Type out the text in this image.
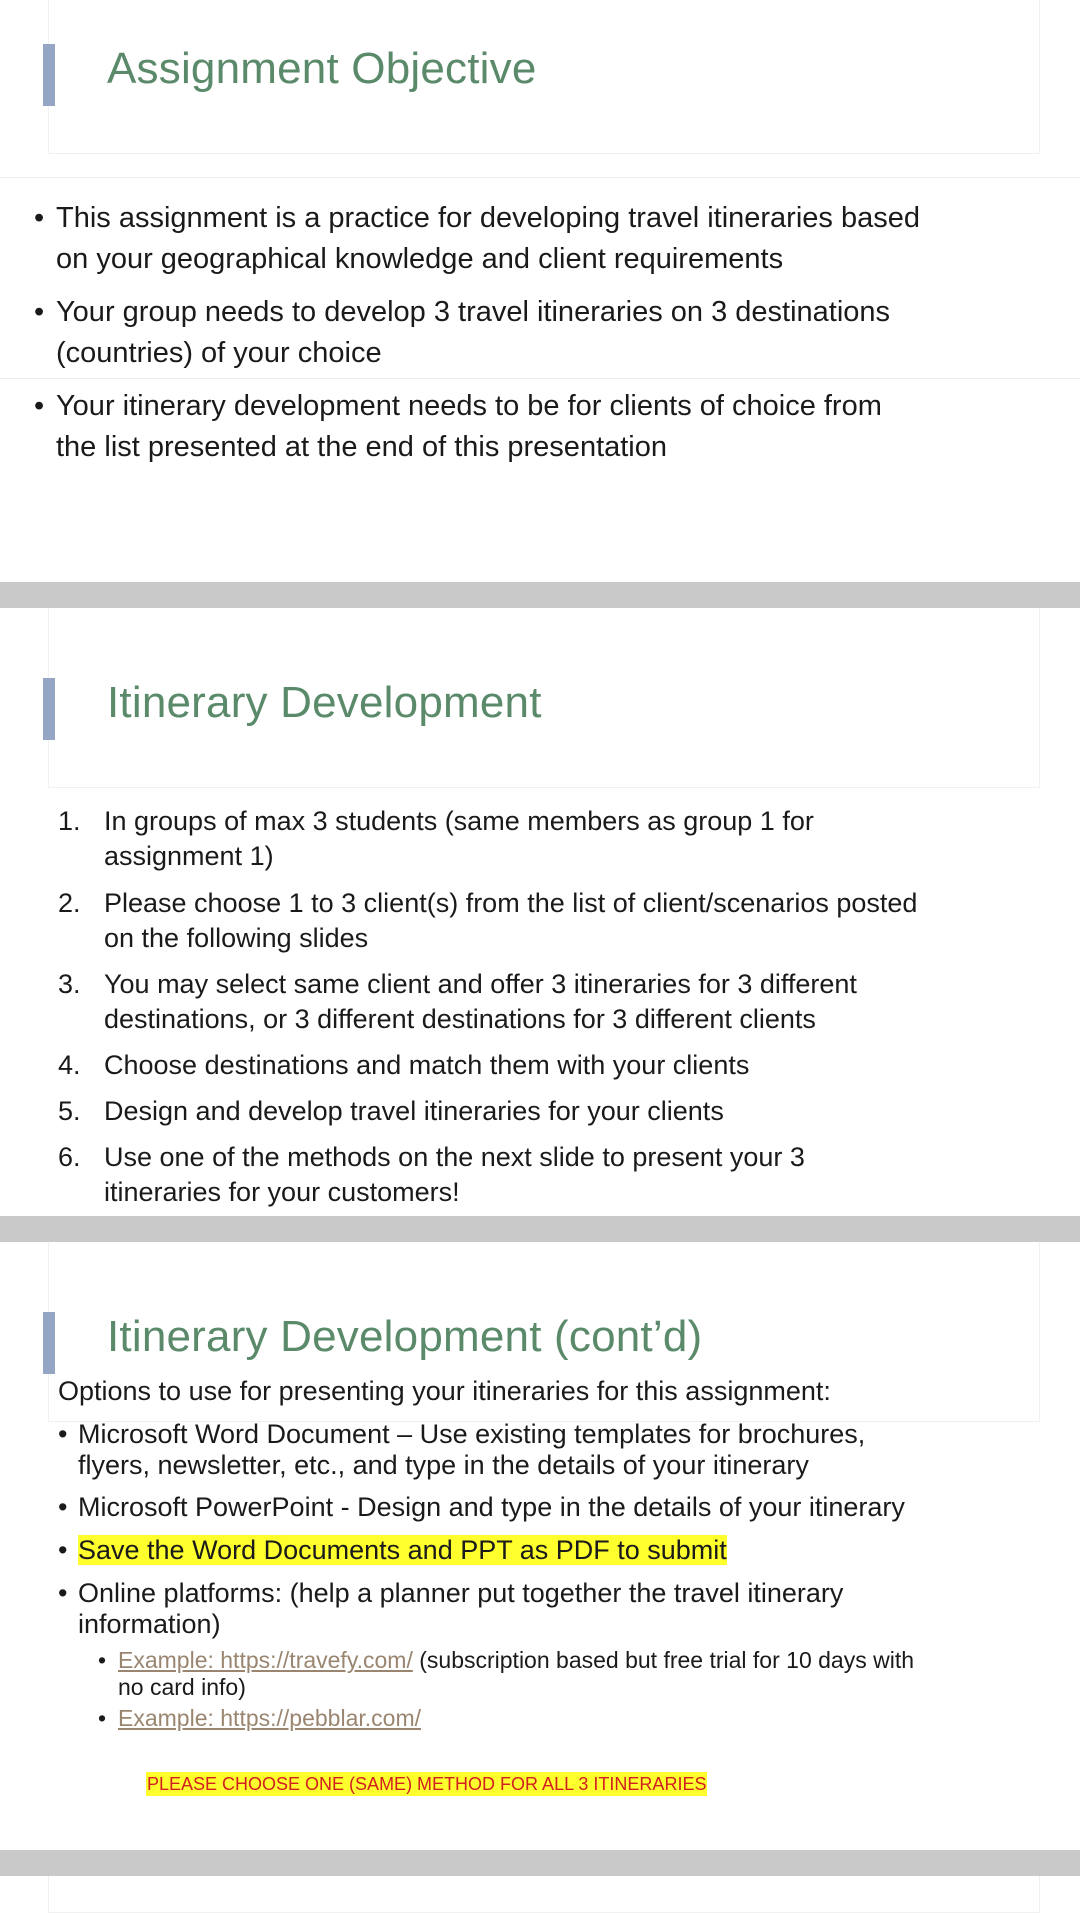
Assignment Objective
• This assignment is a practice for developing travel itineraries based
on your geographical knowledge and client requirements
• Your group needs to develop 3 travel itineraries on 3 destinations
(countries) of your choice
• Your itinerary development needs to be for clients of choice from
the list presented at the end of this presentation
Itinerary Development
1. In groups of max 3 students (same members as group 1 for
assignment 1)
2. Please choose 1 to 3 client(s) from the list of client/scenarios posted
on the following slides
3. You may select same client and offer 3 itineraries for 3 different
destinations, or 3 different destinations for 3 different clients
4. Choose destinations and match them with your clients
5. Design and develop travel itineraries for your clients
6. Use one of the methods on the next slide to present your 3
itineraries for your customers!
Itinerary Development (cont’d)
Options to use for presenting your itineraries for this assignment:
• Microsoft Word Document – Use existing templates for brochures,
flyers, newsletter, etc., and type in the details of your itinerary
• Microsoft PowerPoint - Design and type in the details of your itinerary
• Save the Word Documents and PPT as PDF to submit
• Online platforms: (help a planner put together the travel itinerary
information)
• Example: https://travefy.com/ (subscription based but free trial for 10 days with
no card info)
• Example: https://pebblar.com/
PLEASE CHOOSE ONE (SAME) METHOD FOR ALL 3 ITINERARIES
